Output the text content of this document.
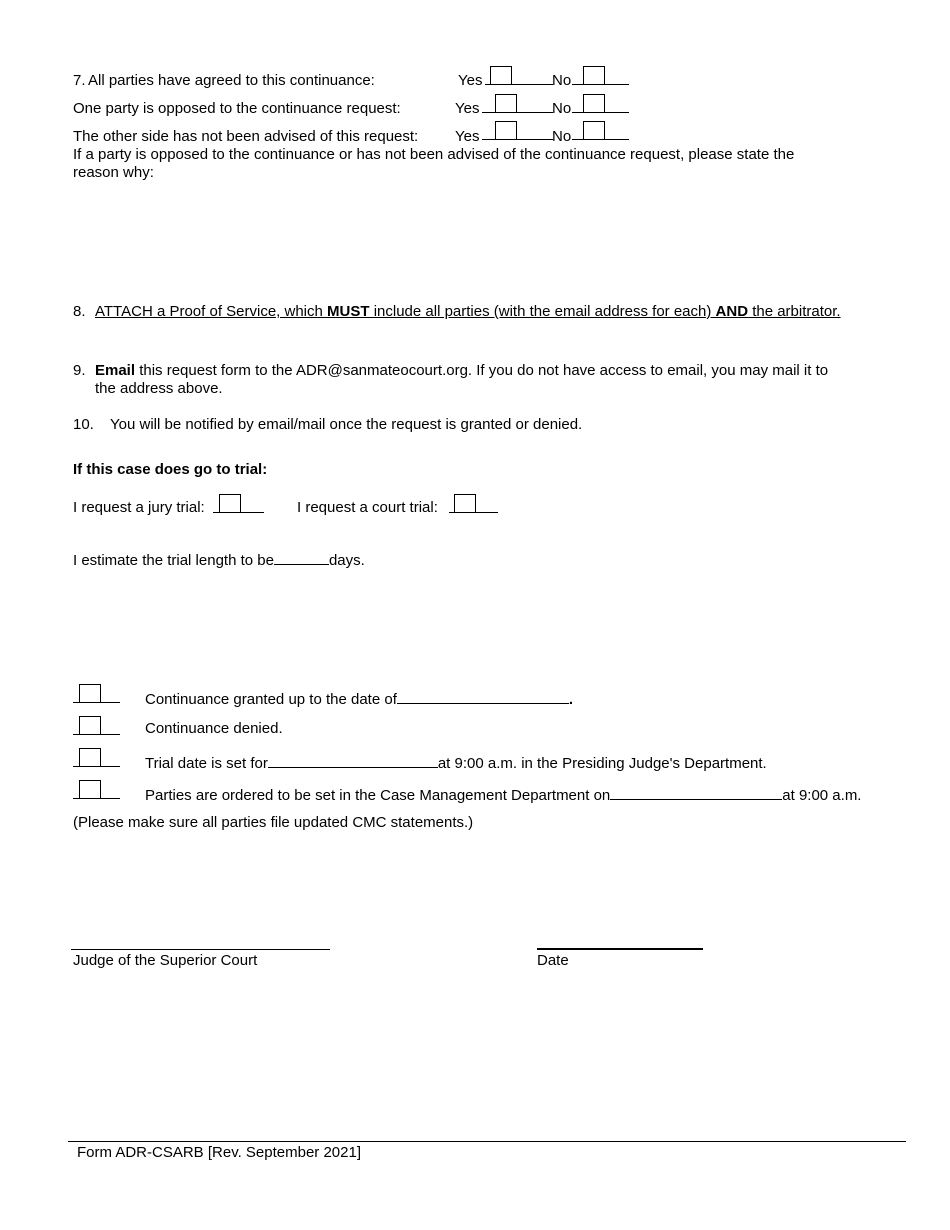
7. All parties have agreed to this continuance:	Yes	No
One party is opposed to the continuance request:	Yes	No
The other side has not been advised of this request: Yes	No
If a party is opposed to the continuance or has not been advised of the continuance request, please state the
reason why:
8. ATTACH a Proof of Service, which MUST include all parties (with the email address for each) AND the arbitrator.
9. Email this request form to the ADR@sanmateocourt.org. If you do not have access to email, you may mail it to
the address above.
10. You will be notified by email/mail once the request is granted or denied.
If this case does go to trial:
I request a jury trial:	I request a court trial:
I estimate the trial length to be	days.
Continuance granted up to the date of	.
Continuance denied.
Trial date is set for	at 9:00 a.m. in the Presiding Judge's Department.
Parties are ordered to be set in the Case Management Department on	at 9:00 a.m.
(Please make sure all parties file updated CMC statements.)
Judge of the Superior Court	Date
Form ADR-CSARB [Rev. September 2021]
